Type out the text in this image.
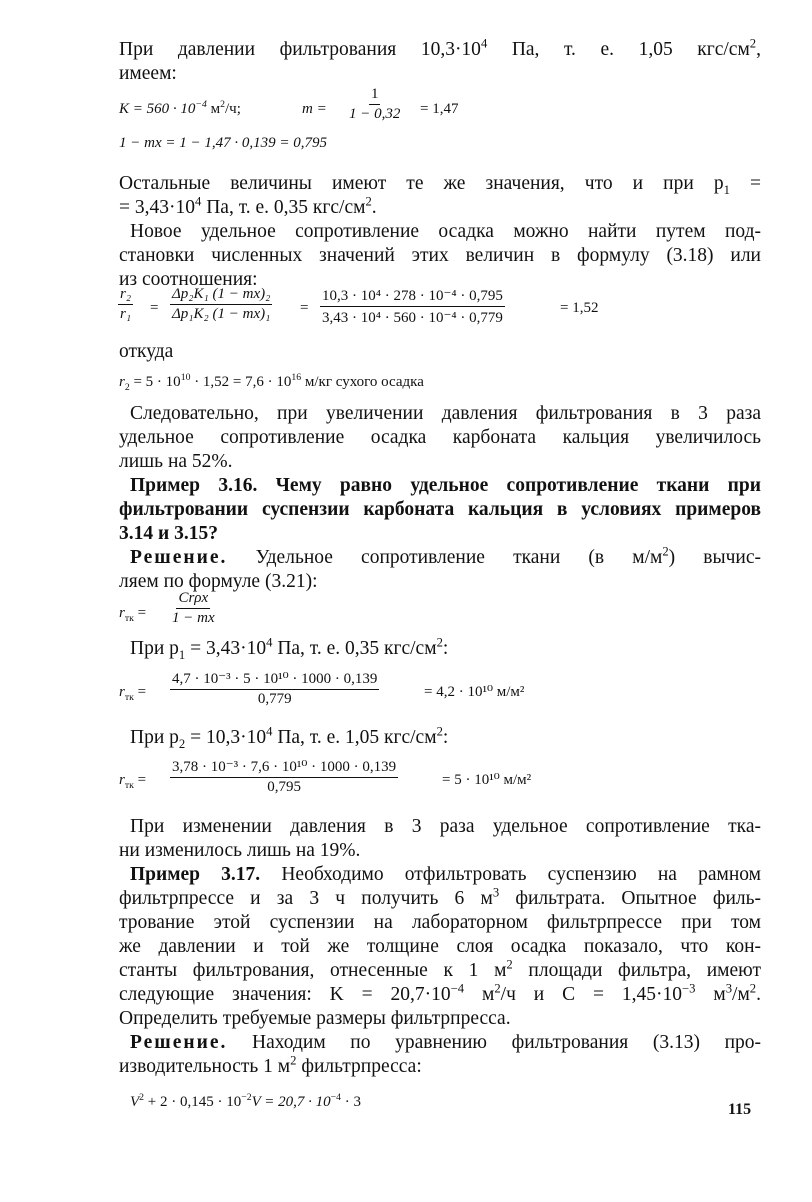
При давлении фильтрования $10,3\cdot 10^4$ Па, т. е. 1,05 кгс/$см^2$,
имеем:
$K = 560 \cdot 10^{-4}$ $м^2/ч$;	$m = \frac{1}{1 - 0,32} = 1,47$
1 − mx = 1 − 1,47 · 0,139 = 0,795
Остальные величины имеют те же значения, что и при $p_1$ =
= $3,43\cdot 10^4$ Па, т. е. 0,35 кгс/$см^2$.
Новое удельное сопротивление осадка можно найти путем под-
становки численных значений этих величин в формулу (3.18) или
из соотношения:
$\frac{\text{r₂}}{\text{r₁}} = \frac{\text{Δp₂K₁ (1 − mx)₂}}{\text{Δp₁K₂ (1 − mx)₁}} = \frac{\text{10,3 · 10⁴ · 278 · 10⁻⁴ · 0,795}}{\text{3,43 · 10⁴ · 560 · 10⁻⁴ · 0,779}}$	= 1,52
откуда
$r_2 = 5 \cdot 10^{10} \cdot 1,52 = 7,6 \cdot 10^{16}$ м/кг сухого осадка
Следовательно, при увеличении давления фильтрования в 3 раза
удельное сопротивление осадка карбоната кальция увеличилось
лишь на 52%.
Пример 3.16. Чему равно удельное сопротивление ткани при
фильтровании суспензии карбоната кальция в условиях примеров
3.14 и 3.15?
Решение. Удельное сопротивление ткани (в $м/м^2$) вычис-
ляем по формуле (3.21):
$r_{тк}$ =
Crρx
1 − mx
При $p_1 = 3,43\cdot 10^4$ Па, т. е. 0,35 кгс/$см^2$:
$r_{тк} = \frac{\text{4,7 · 10⁻³ · 5 · 10¹⁰ · 1000 · 0,139}}{0,779}$	= 4,2 · 10¹⁰ м/м²
При $p_2 = 10,3\cdot 10^4$ Па, т. е. 1,05 кгс/$см^2$:
$r_{тк} = \frac{\text{3,78 · 10⁻³ · 7,6 · 10¹⁰ · 1000 · 0,139}}{0,795}$	= 5 · 10¹⁰ м/м²
При изменении давления в 3 раза удельное сопротивление тка-
ни изменилось лишь на 19%.
Пример 3.17. Необходимо отфильтровать суспензию на рамном
фильтрпрессе и за 3 ч получить 6 $м^3$ фильтрата. Опытное филь-
трование этой суспензии на лабораторном фильтрпрессе при том
же давлении и той же толщине слоя осадка показало, что кон-
станты фильтрования, отнесенные к 1 $м^2$ площади фильтра, имеют
следующие значения: $K = 20,7\cdot 10^{-4}$ $м^2/ч$ и $C = 1,45\cdot 10^{-3}$ $м^3/м^2$.
Определить требуемые размеры фильтрпресса.
Решение. Находим по уравнению фильтрования (3.13) про-
изводительность 1 $м^2$ фильтрпресса:
$V^2 + 2 \cdot 0,145 \cdot 10^{-2}V = 20,7 \cdot 10^{-4} \cdot 3$	115
